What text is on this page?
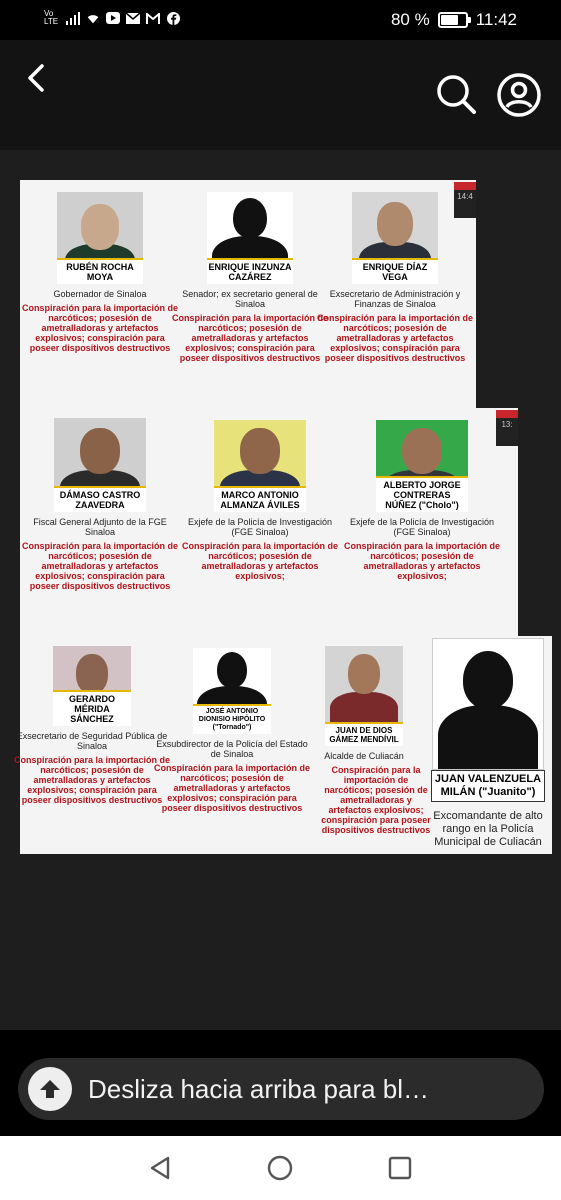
Vo LTE	80 %	11:42
14:4
RUBÉN ROCHA MOYA
Gobernador de Sinaloa
Conspiración para la importación de narcóticos; posesión de ametralladoras y artefactos explosivos; conspiración para poseer dispositivos destructivos
ENRIQUE INZUNZA CAZÁREZ
Senador; ex secretario general de Sinaloa
Conspiración para la importación de narcóticos; posesión de ametralladoras y artefactos explosivos; conspiración para poseer dispositivos destructivos
ENRIQUE DÍAZ VEGA
Exsecretario de Administración y Finanzas de Sinaloa
Conspiración para la importación de narcóticos; posesión de ametralladoras y artefactos explosivos; conspiración para poseer dispositivos destructivos
13:
DÁMASO CASTRO ZAAVEDRA
Fiscal General Adjunto de la FGE Sinaloa
Conspiración para la importación de narcóticos; posesión de ametralladoras y artefactos explosivos; conspiración para poseer dispositivos destructivos
MARCO ANTONIO ALMANZA ÁVILES
Exjefe de la Policía de Investigación (FGE Sinaloa)
Conspiración para la importación de narcóticos; posesión de ametralladoras y artefactos explosivos;
ALBERTO JORGE CONTRERAS NÚÑEZ ("Cholo")
Exjefe de la Policía de Investigación (FGE Sinaloa)
Conspiración para la importación de narcóticos; posesión de ametralladoras y artefactos explosivos;
GERARDO MÉRIDA SÁNCHEZ
Exsecretario de Seguridad Pública de Sinaloa
Conspiración para la importación de narcóticos; posesión de ametralladoras y artefactos explosivos; conspiración para poseer dispositivos destructivos
JOSÉ ANTONIO DIONISIO HIPÓLITO ("Tornado")
Exsubdirector de la Policía del Estado de Sinaloa
Conspiración para la importación de narcóticos; posesión de ametralladoras y artefactos explosivos; conspiración para poseer dispositivos destructivos
JUAN DE DIOS GÁMEZ MENDÍVIL
Alcalde de Culiacán
Conspiración para la importación de narcóticos; posesión de ametralladoras y artefactos explosivos; conspiración para poseer dispositivos destructivos
JUAN VALENZUELA MILÁN ("Juanito")
Excomandante de alto rango en la Policía Municipal de Culiacán
Desliza hacia arriba para bl…
